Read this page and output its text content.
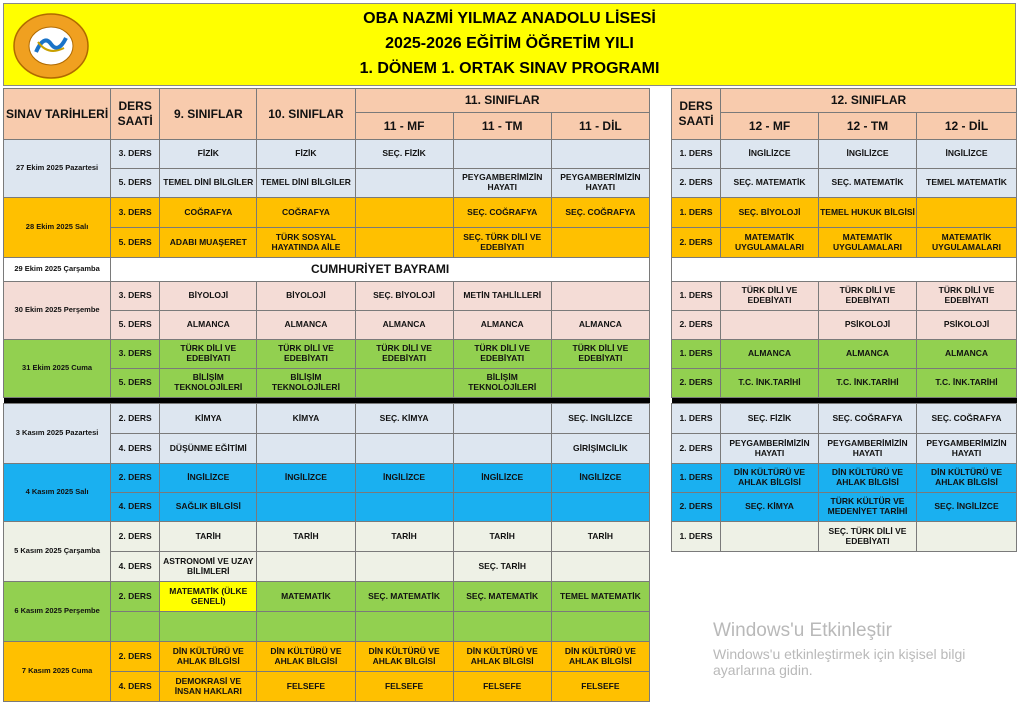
OBA NAZMİ YILMAZ ANADOLU LİSESİ
2025-2026 EĞİTİM ÖĞRETİM YILI
1. DÖNEM 1. ORTAK SINAV PROGRAMI
SINAV TARİHLERİ	DERS SAATİ	9. SINIFLAR	10. SINIFLAR	11. SINIFLAR		
				11 - MF	11 - TM	11 - DİL
27 Ekim 2025 Pazartesi	3. DERS	FİZİK	FİZİK	SEÇ. FİZİK		
	5. DERS	TEMEL DİNİ BİLGİLER	TEMEL DİNİ BİLGİLER		PEYGAMBERİMİZİN HAYATI	PEYGAMBERİMİZİN HAYATI
28 Ekim 2025 Salı	3. DERS	COĞRAFYA	COĞRAFYA		SEÇ. COĞRAFYA	SEÇ. COĞRAFYA
	5. DERS	ADABI MUAŞERET	TÜRK SOSYAL HAYATINDA AİLE		SEÇ. TÜRK DİLİ VE EDEBİYATI	
29 Ekim 2025 Çarşamba	CUMHURİYET BAYRAMI					
30 Ekim 2025 Perşembe	3. DERS	BİYOLOJİ	BİYOLOJİ	SEÇ. BİYOLOJİ	METİN TAHLİLLERİ	
	5. DERS	ALMANCA	ALMANCA	ALMANCA	ALMANCA	ALMANCA
31 Ekim 2025 Cuma	3. DERS	TÜRK DİLİ VE EDEBİYATI	TÜRK DİLİ VE EDEBİYATI	TÜRK DİLİ VE EDEBİYATI	TÜRK DİLİ VE EDEBİYATI	TÜRK DİLİ VE EDEBİYATI
	5. DERS	BİLİŞİM TEKNOLOJİLERİ	BİLİŞİM TEKNOLOJİLERİ		BİLİŞİM TEKNOLOJİLERİ	

3 Kasım 2025 Pazartesi	2. DERS	KİMYA	KİMYA	SEÇ. KİMYA		SEÇ. İNGİLİZCE
	4. DERS	DÜŞÜNME EĞİTİMİ				GİRİŞİMCİLİK
4 Kasım 2025 Salı	2. DERS	İNGİLİZCE	İNGİLİZCE	İNGİLİZCE	İNGİLİZCE	İNGİLİZCE
	4. DERS	SAĞLIK BİLGİSİ				
5 Kasım 2025 Çarşamba	2. DERS	TARİH	TARİH	TARİH	TARİH	TARİH
	4. DERS	ASTRONOMİ VE UZAY BİLİMLERİ			SEÇ. TARİH	
6 Kasım 2025 Perşembe	2. DERS	MATEMATİK (ÜLKE GENELİ)	MATEMATİK	SEÇ. MATEMATİK	SEÇ. MATEMATİK	TEMEL MATEMATİK

7 Kasım 2025 Cuma	2. DERS	DİN KÜLTÜRÜ VE AHLAK BİLGİSİ	DİN KÜLTÜRÜ VE AHLAK BİLGİSİ	DİN KÜLTÜRÜ VE AHLAK BİLGİSİ	DİN KÜLTÜRÜ VE AHLAK BİLGİSİ	DİN KÜLTÜRÜ VE AHLAK BİLGİSİ
	4. DERS	DEMOKRASİ VE İNSAN HAKLARI	FELSEFE	FELSEFE	FELSEFE	FELSEFE
DERS SAATİ	12. SINIFLAR		
	12 - MF	12 - TM	12 - DİL
1. DERS	İNGİLİZCE	İNGİLİZCE	İNGİLİZCE
2. DERS	SEÇ. MATEMATİK	SEÇ. MATEMATİK	TEMEL MATEMATİK
1. DERS	SEÇ. BİYOLOJİ	TEMEL HUKUK BİLGİSİ	
2. DERS	MATEMATİK UYGULAMALARI	MATEMATİK UYGULAMALARI	MATEMATİK UYGULAMALARI

1. DERS	TÜRK DİLİ VE EDEBİYATI	TÜRK DİLİ VE EDEBİYATI	TÜRK DİLİ VE EDEBİYATI
2. DERS		PSİKOLOJİ	PSİKOLOJİ
1. DERS	ALMANCA	ALMANCA	ALMANCA
2. DERS	T.C. İNK.TARİHİ	T.C. İNK.TARİHİ	T.C. İNK.TARİHİ

1. DERS	SEÇ. FİZİK	SEÇ. COĞRAFYA	SEÇ. COĞRAFYA
2. DERS	PEYGAMBERİMİZİN HAYATI	PEYGAMBERİMİZİN HAYATI	PEYGAMBERİMİZİN HAYATI
1. DERS	DİN KÜLTÜRÜ VE AHLAK BİLGİSİ	DİN KÜLTÜRÜ VE AHLAK BİLGİSİ	DİN KÜLTÜRÜ VE AHLAK BİLGİSİ
2. DERS	SEÇ. KİMYA	TÜRK KÜLTÜR VE MEDENİYET TARİHİ	SEÇ. İNGİLİZCE
1. DERS		SEÇ. TÜRK DİLİ VE EDEBİYATI	

Windows'u Etkinleştir
Windows'u etkinleştirmek için kişisel bilgi
ayarlarına gidin.
